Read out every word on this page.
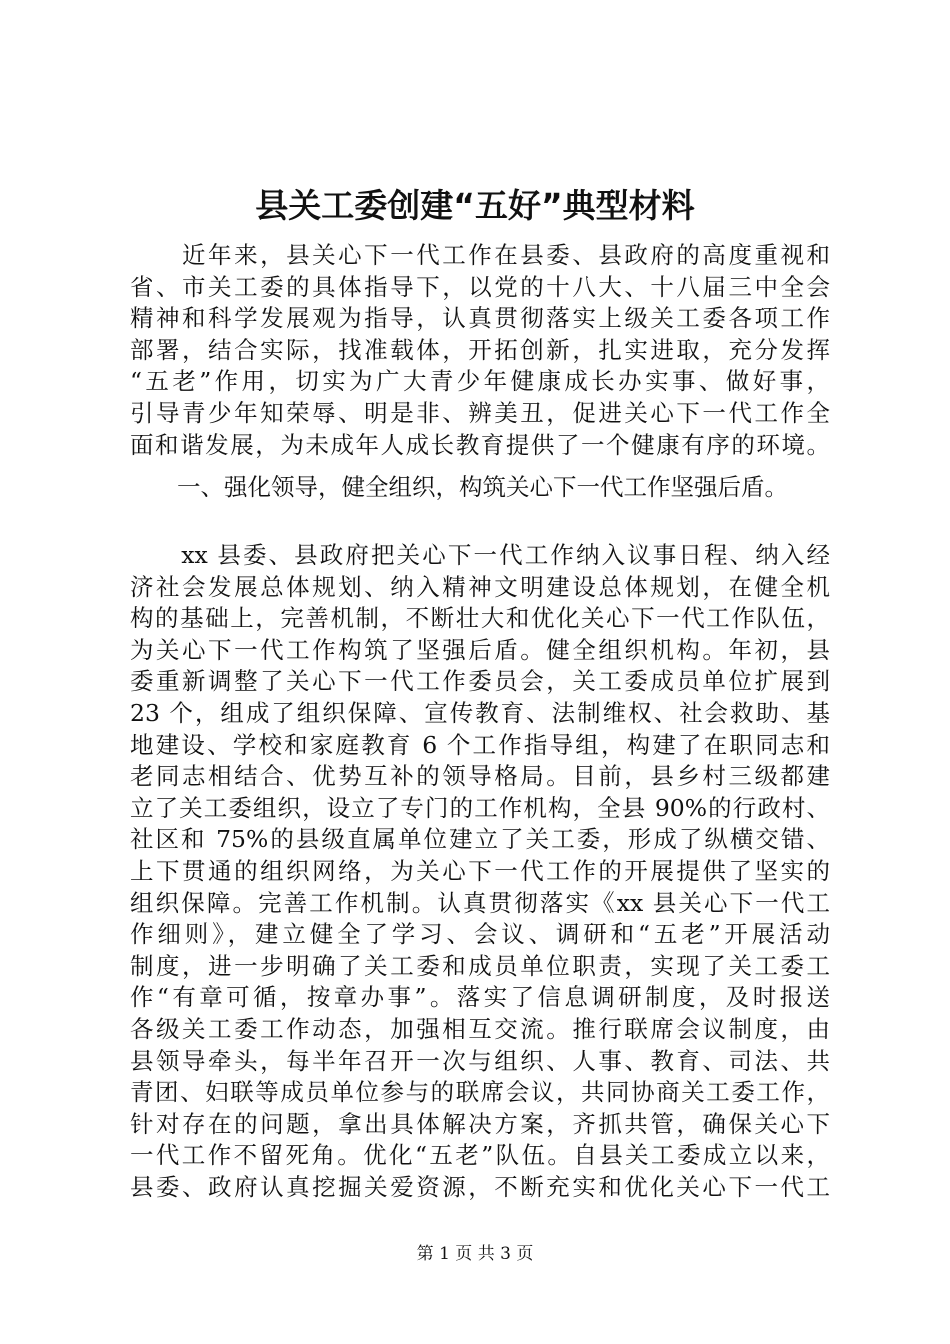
县关工委创建“五好”典型材料
　　近年来，县关心下一代工作在县委、县政府的高度重视和
省、市关工委的具体指导下，以党的十八大、十八届三中全会
精神和科学发展观为指导，认真贯彻落实上级关工委各项工作
部署，结合实际，找准载体，开拓创新，扎实进取，充分发挥
“五老”作用，切实为广大青少年健康成长办实事、做好事，
引导青少年知荣辱、明是非、辨美丑，促进关心下一代工作全
面和谐发展，为未成年人成长教育提供了一个健康有序的环境。
　　一、强化领导，健全组织，构筑关心下一代工作坚强后盾。
　　xx 县委、县政府把关心下一代工作纳入议事日程、纳入经
济社会发展总体规划、纳入精神文明建设总体规划，在健全机
构的基础上，完善机制，不断壮大和优化关心下一代工作队伍，
为关心下一代工作构筑了坚强后盾。健全组织机构。年初，县
委重新调整了关心下一代工作委员会，关工委成员单位扩展到
23 个，组成了组织保障、宣传教育、法制维权、社会救助、基
地建设、学校和家庭教育 6 个工作指导组，构建了在职同志和
老同志相结合、优势互补的领导格局。目前，县乡村三级都建
立了关工委组织，设立了专门的工作机构，全县 90%的行政村、
社区和 75%的县级直属单位建立了关工委，形成了纵横交错、
上下贯通的组织网络，为关心下一代工作的开展提供了坚实的
组织保障。完善工作机制。认真贯彻落实《xx 县关心下一代工
作细则》，建立健全了学习、会议、调研和“五老”开展活动
制度，进一步明确了关工委和成员单位职责，实现了关工委工
作“有章可循，按章办事”。落实了信息调研制度，及时报送
各级关工委工作动态，加强相互交流。推行联席会议制度，由
县领导牵头，每半年召开一次与组织、人事、教育、司法、共
青团、妇联等成员单位参与的联席会议，共同协商关工委工作，
针对存在的问题，拿出具体解决方案，齐抓共管，确保关心下
一代工作不留死角。优化“五老”队伍。自县关工委成立以来，
县委、政府认真挖掘关爱资源，不断充实和优化关心下一代工
第 1 页 共 3 页
